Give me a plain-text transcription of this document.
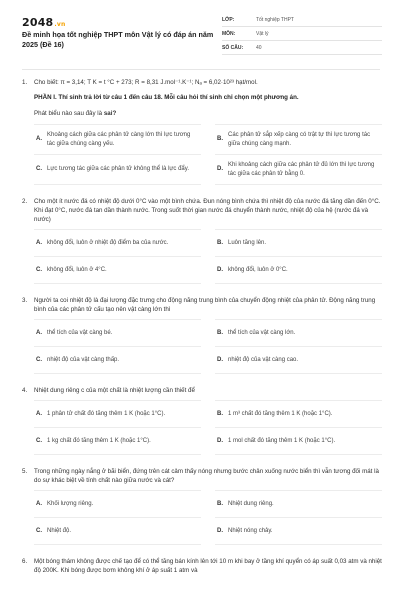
2048.vn
Đề minh họa tốt nghiệp THPT môn Vật lý có đáp án năm 2025 (Đề 16)
LỚP:	Tốt nghiệp THPT
MÔN:	Vật lý
SỐ CÂU:	40
1. Cho biết: π = 3,14; T K = t °C + 273; R = 8,31 J.mol⁻¹.K⁻¹; Nₐ = 6,02·10²³ hạt/mol.
PHẦN I. Thí sinh trả lời từ câu 1 đến câu 18. Mỗi câu hỏi thí sinh chỉ chọn một phương án.
Phát biểu nào sau đây là sai?
A.
Khoảng cách giữa các phân tử càng lớn thì lực tương tác giữa chúng càng yếu.
B.
Các phân tử sắp xếp càng có trật tự thì lực tương tác giữa chúng càng mạnh.
C. Lực tương tác giữa các phân tử không thể là lực đẩy.	D.
Khi khoảng cách giữa các phân tử đủ lớn thì lực tương tác giữa các phân tử bằng 0.
2. Cho một ít nước đá có nhiệt độ dưới 0°C vào một bình chứa. Đun nóng bình chứa thì nhiệt độ của nước đá tăng dần đến 0°C. Khi đạt 0°C, nước đá tan dần thành nước. Trong suốt thời gian nước đá chuyển thành nước, nhiệt độ của hệ (nước đá và nước)
A. không đổi, luôn ở nhiệt độ điểm ba của nước.	B. Luôn tăng lên.
C. không đổi, luôn ở 4°C.	D. không đổi, luôn ở 0°C.
3. Người ta coi nhiệt độ là đại lượng đặc trưng cho động năng trung bình của chuyển động nhiệt của phân tử. Động năng trung bình của các phân tử cấu tạo nên vật càng lớn thì
A. thể tích của vật càng bé.	B. thể tích của vật càng lớn.
C. nhiệt độ của vật càng thấp.	D. nhiệt độ của vật càng cao.
4. Nhiệt dung riêng c của một chất là nhiệt lượng cần thiết để
A. 1 phân tử chất đó tăng thêm 1 K (hoặc 1°C).	B. 1 m³ chất đó tăng thêm 1 K (hoặc 1°C).
C. 1 kg chất đó tăng thêm 1 K (hoặc 1°C).	D. 1 mol chất đó tăng thêm 1 K (hoặc 1°C).
5. Trong những ngày nắng ở bãi biển, đứng trên cát cảm thấy nóng nhưng bước chân xuống nước biển thì vẫn tương đối mát là do sự khác biệt về tính chất nào giữa nước và cát?
A. Khối lượng riêng.	B. Nhiệt dung riêng.
C. Nhiệt độ.	D. Nhiệt nóng chảy.
6. Một bóng thám không được chế tạo để có thể tăng bán kính lên tới 10 m khi bay ở tầng khí quyển có áp suất 0,03 atm và nhiệt độ 200K. Khi bóng được bơm không khí ở áp suất 1 atm và
